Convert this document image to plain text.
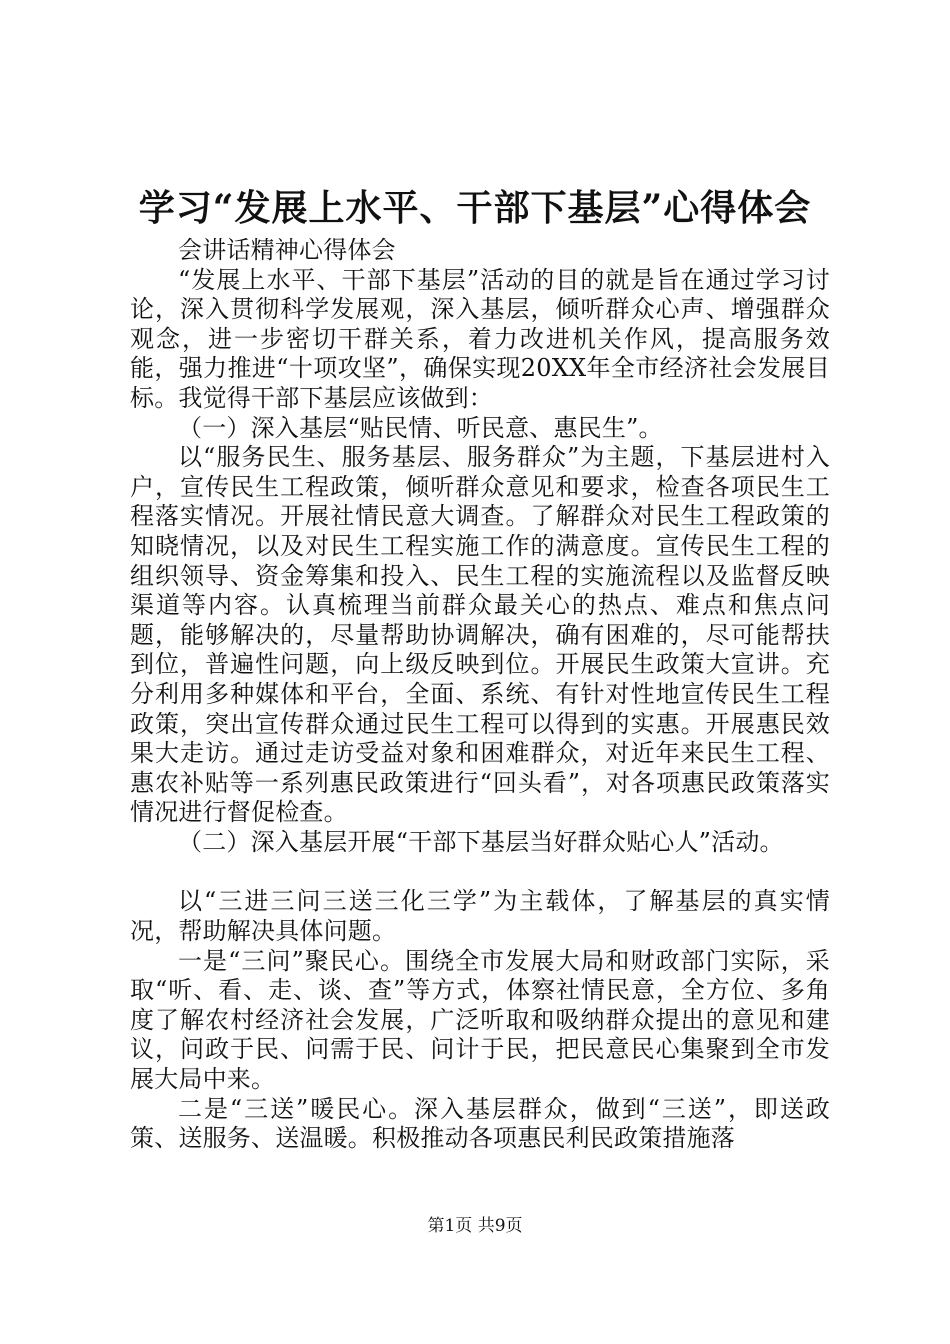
学习“发展上水平、干部下基层”心得体会

会讲话精神心得体会

“发展上水平、干部下基层”活动的目的就是旨在通过学习讨论，深入贯彻科学发展观，深入基层，倾听群众心声、增强群众观念，进一步密切干群关系，着力改进机关作风，提高服务效能，强力推进“十项攻坚”，确保实现20XX年全市经济社会发展目标。我觉得干部下基层应该做到：

（一）深入基层“贴民情、听民意、惠民生”。

以“服务民生、服务基层、服务群众”为主题，下基层进村入户，宣传民生工程政策，倾听群众意见和要求，检查各项民生工程落实情况。开展社情民意大调查。了解群众对民生工程政策的知晓情况，以及对民生工程实施工作的满意度。宣传民生工程的组织领导、资金筹集和投入、民生工程的实施流程以及监督反映渠道等内容。认真梳理当前群众最关心的热点、难点和焦点问题，能够解决的，尽量帮助协调解决，确有困难的，尽可能帮扶到位，普遍性问题，向上级反映到位。开展民生政策大宣讲。充分利用多种媒体和平台，全面、系统、有针对性地宣传民生工程政策，突出宣传群众通过民生工程可以得到的实惠。开展惠民效果大走访。通过走访受益对象和困难群众，对近年来民生工程、惠农补贴等一系列惠民政策进行“回头看”，对各项惠民政策落实情况进行督促检查。

（二）深入基层开展“干部下基层当好群众贴心人”活动。

以“三进三问三送三化三学”为主载体，了解基层的真实情况，帮助解决具体问题。

一是“三问”聚民心。围绕全市发展大局和财政部门实际，采取“听、看、走、谈、查”等方式，体察社情民意，全方位、多角度了解农村经济社会发展，广泛听取和吸纳群众提出的意见和建议，问政于民、问需于民、问计于民，把民意民心集聚到全市发展大局中来。

二是“三送”暖民心。深入基层群众，做到“三送”，即送政策、送服务、送温暖。积极推动各项惠民利民政策措施落

第1页 共9页
